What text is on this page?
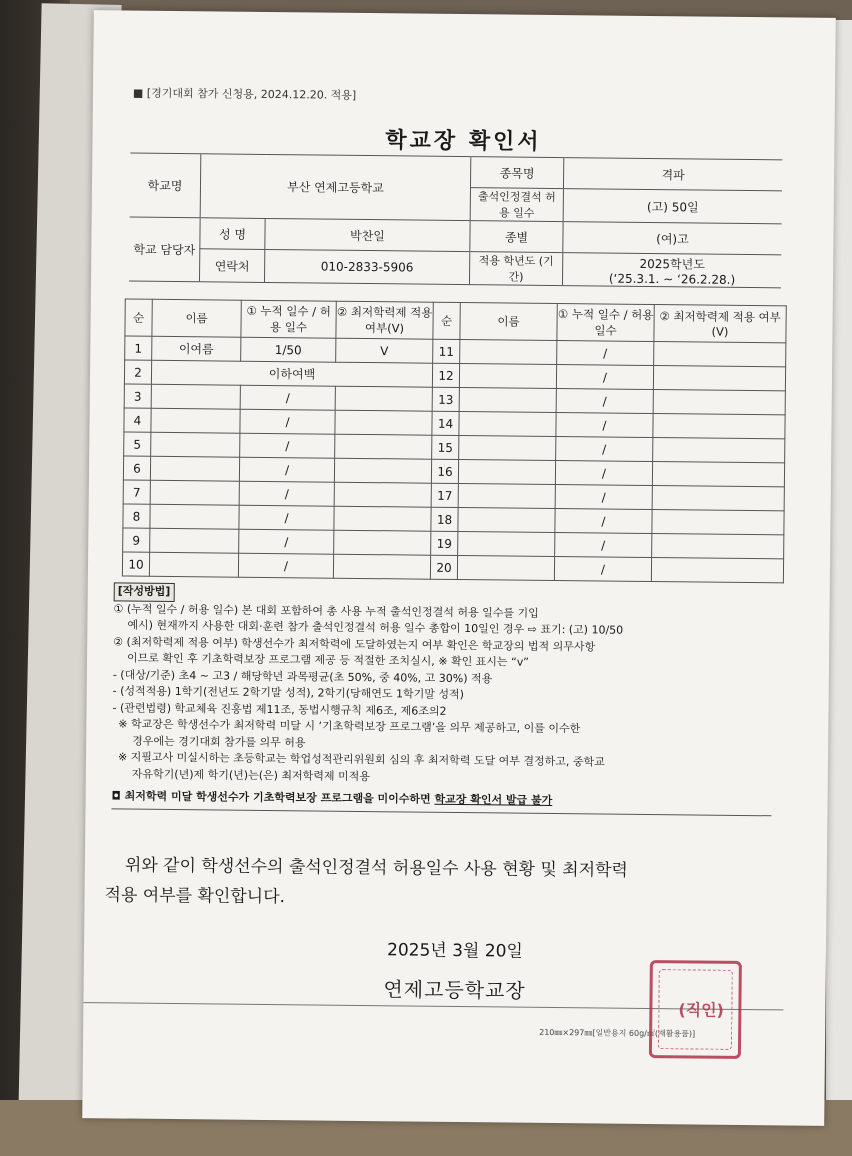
■ [경기대회 참가 신청용, 2024.12.20. 적용]
학교장 확인서
학교명	부산 연제고등학교		종목명	격파
			출석인정결석 허용 일수	(고) 50일
학교 담당자	성 명	박찬일	종별	(여)고
	연락처	010-2833-5906	적용 학년도 (기간)	2025학년도
(‘25.3.1. ~ ‘26.2.28.)
순	이름	① 누적 일수 / 허용 일수	② 최저학력제 적용 여부(V)	순	이름	① 누적 일수 / 허용 일수	② 최저학력제 적용 여부(V)
1	이여름	1/50	V	11		/	
2	이하여백			12		/	
3		/		13		/	
4		/		14		/	
5		/		15		/	
6		/		16		/	
7		/		17		/	
8		/		18		/	
9		/		19		/	
10		/		20		/	

[작성방법]

① (누적 일수 / 허용 일수) 본 대회 포함하여 총 사용 누적 출석인정결석 허용 일수를 기입

예시) 현재까지 사용한 대회·훈련 참가 출석인정결석 허용 일수 총합이 10일인 경우 ⇨ 표기: (고) 10/50

② (최저학력제 적용 여부) 학생선수가 최저학력에 도달하였는지 여부 확인은 학교장의 법적 의무사항

이므로 확인 후 기초학력보장 프로그램 제공 등 적절한 조치실시, ※ 확인 표시는 “v”

- (대상/기준) 초4 ~ 고3 / 해당학년 과목평균(초 50%, 중 40%, 고 30%) 적용

- (성적적용) 1학기(전년도 2학기말 성적), 2학기(당해연도 1학기말 성적)

- (관련법령) 학교체육 진흥법 제11조, 동법시행규칙 제6조, 제6조의2

※ 학교장은 학생선수가 최저학력 미달 시 ‘기초학력보장 프로그램’을 의무 제공하고, 이를 이수한

경우에는 경기대회 참가를 의무 허용

※ 지필고사 미실시하는 초등학교는 학업성적관리위원회 심의 후 최저학력 도달 여부 결정하고, 중학교

자유학기(년)제 학기(년)는(은) 최저학력제 미적용

◘ 최저학력 미달 학생선수가 기초학력보장 프로그램을 미이수하면 학교장 확인서 발급 불가

위와 같이 학생선수의 출석인정결석 허용일수 사용 현황 및 최저학력
적용 여부를 확인합니다.
2025년 3월 20일
연제고등학교장
210㎜×297㎜[일반용지 60g/㎡(재활용품)]
(직인)
